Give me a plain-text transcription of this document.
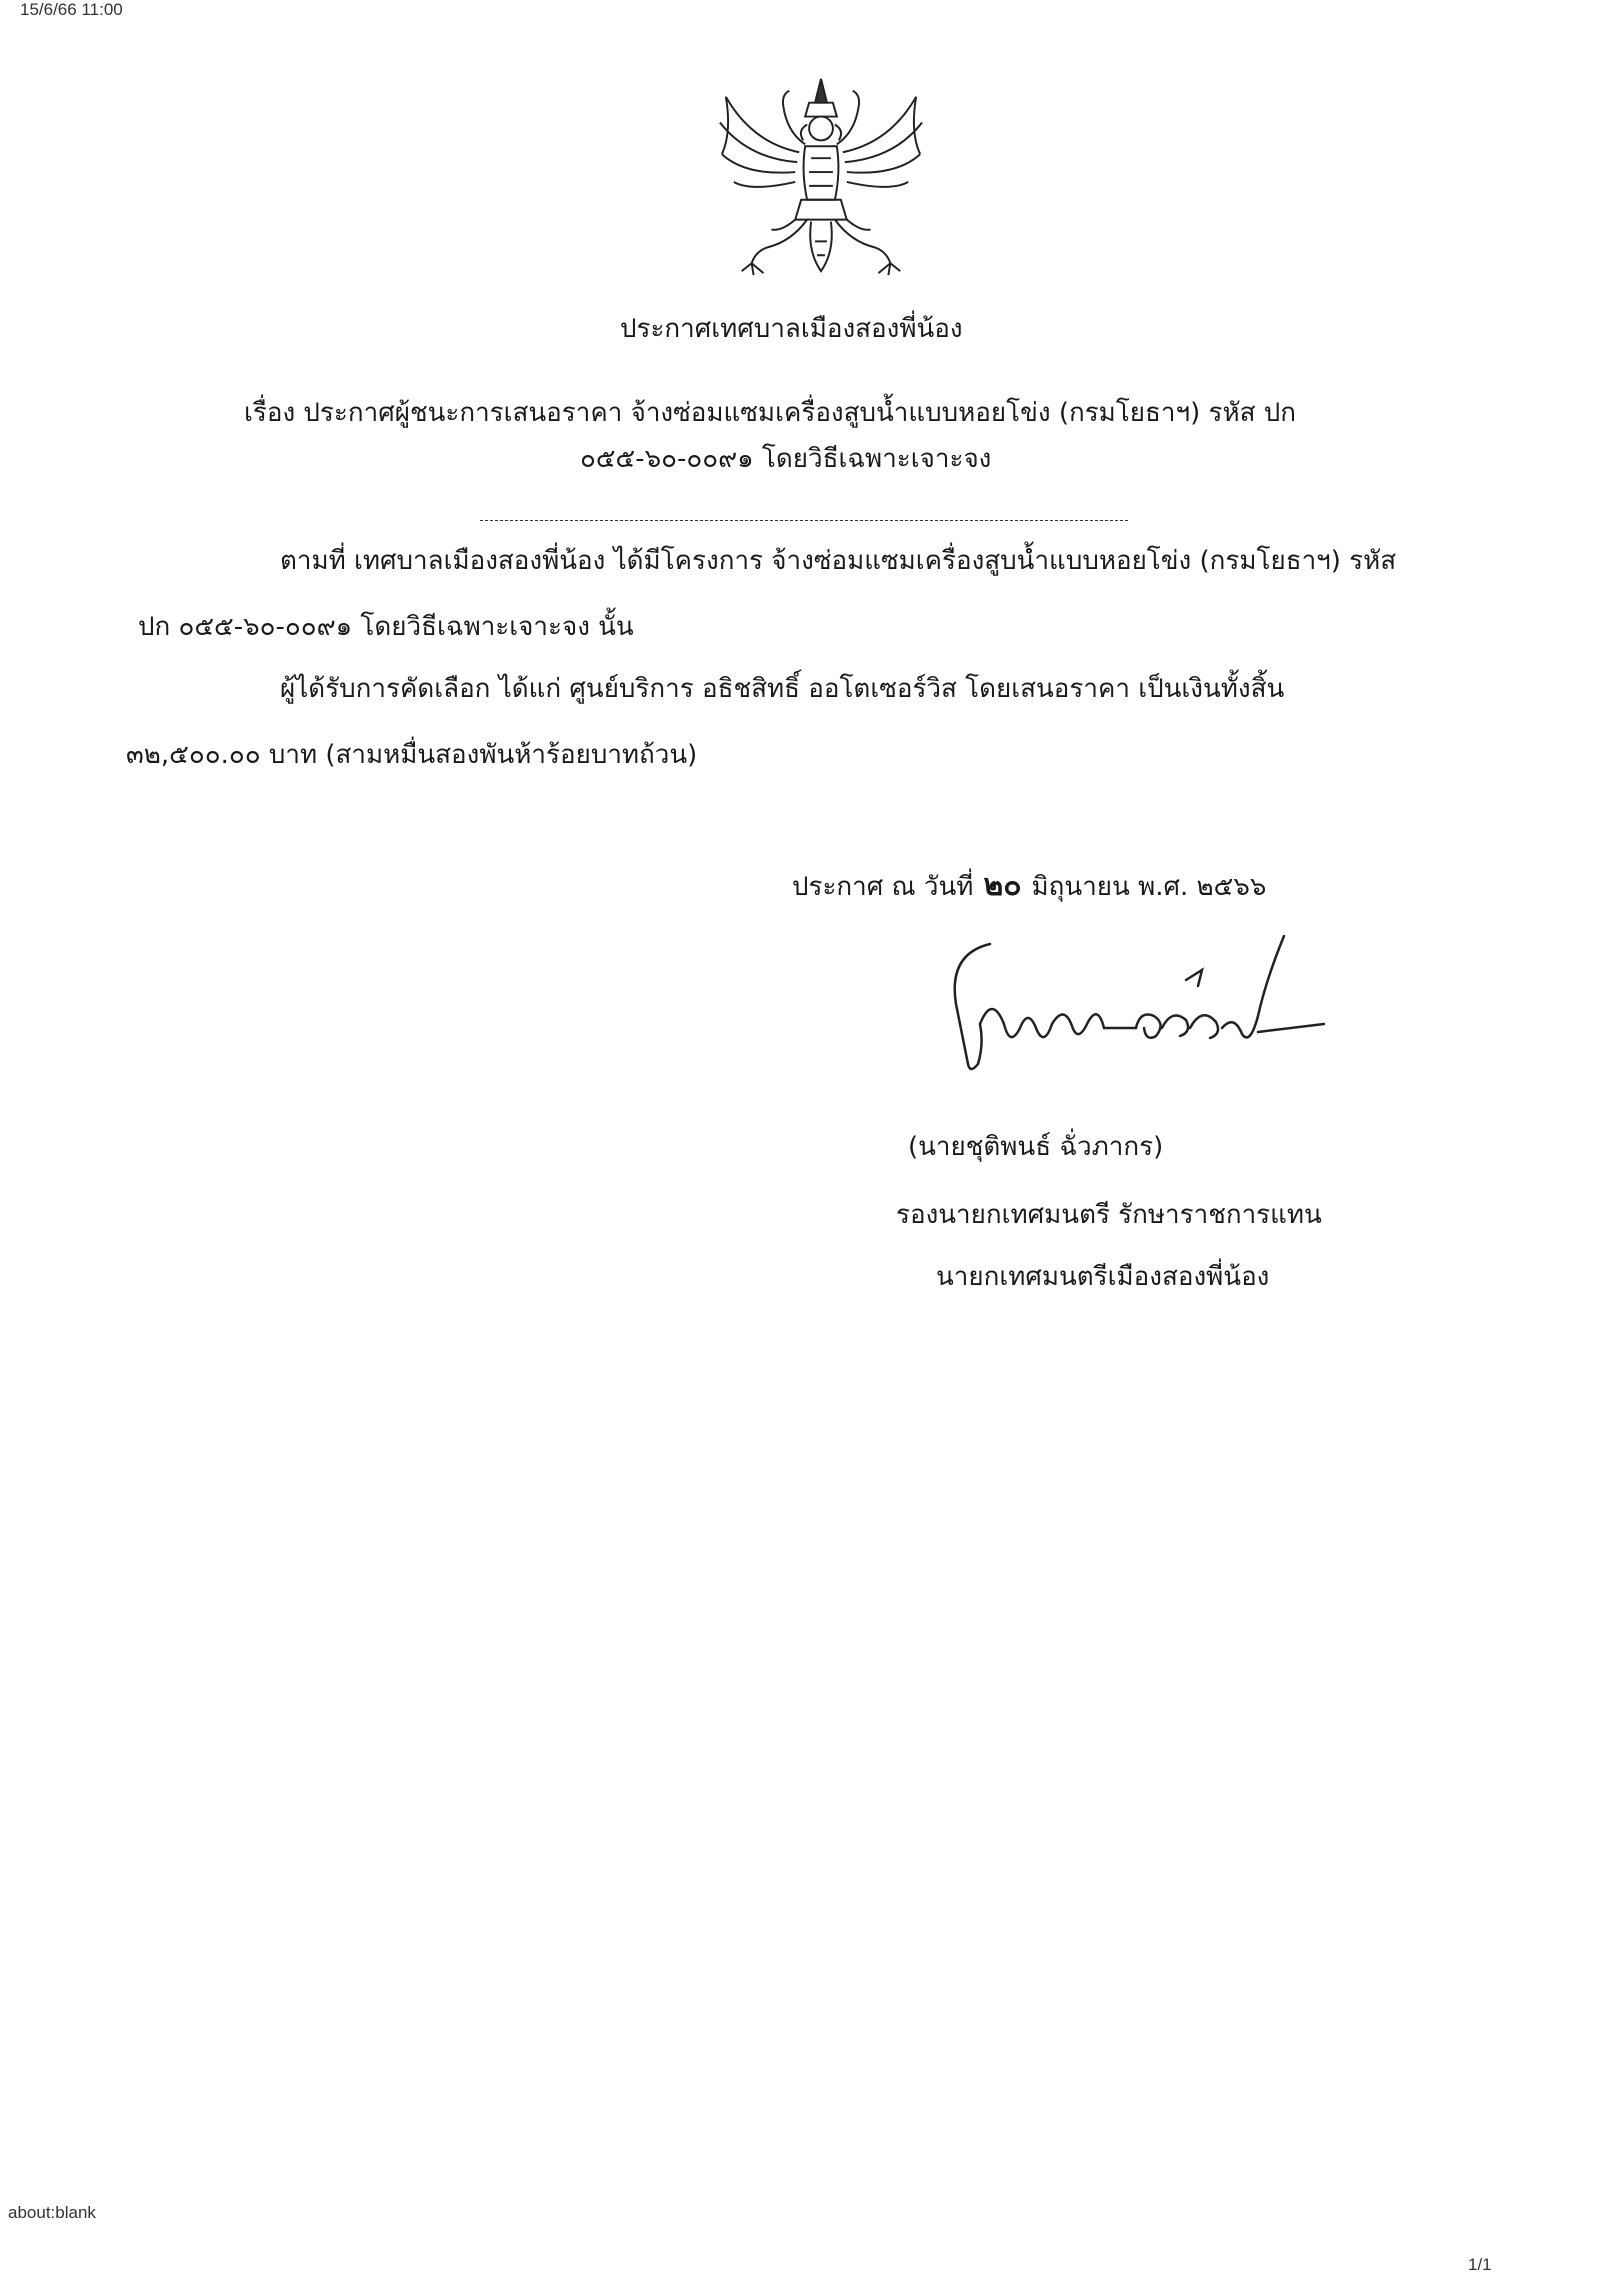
15/6/66 11:00
ประกาศเทศบาลเมืองสองพี่น้อง
เรื่อง ประกาศผู้ชนะการเสนอราคา จ้างซ่อมแซมเครื่องสูบน้ำแบบหอยโข่ง (กรมโยธาฯ) รหัส ปก
๐๕๕-๖๐-๐๐๙๑ โดยวิธีเฉพาะเจาะจง
ตามที่ เทศบาลเมืองสองพี่น้อง ได้มีโครงการ จ้างซ่อมแซมเครื่องสูบน้ำแบบหอยโข่ง (กรมโยธาฯ) รหัส
ปก ๐๕๕-๖๐-๐๐๙๑ โดยวิธีเฉพาะเจาะจง นั้น
ผู้ได้รับการคัดเลือก ได้แก่ ศูนย์บริการ อธิชสิทธิ์ ออโตเซอร์วิส โดยเสนอราคา เป็นเงินทั้งสิ้น
๓๒,๕๐๐.๐๐ บาท (สามหมื่นสองพันห้าร้อยบาทถ้วน)
ประกาศ ณ วันที่ ๒๐ มิถุนายน พ.ศ. ๒๕๖๖
(นายชุติพนธ์ ฉั่วภากร)
รองนายกเทศมนตรี รักษาราชการแทน
นายกเทศมนตรีเมืองสองพี่น้อง
about:blank
1/1
